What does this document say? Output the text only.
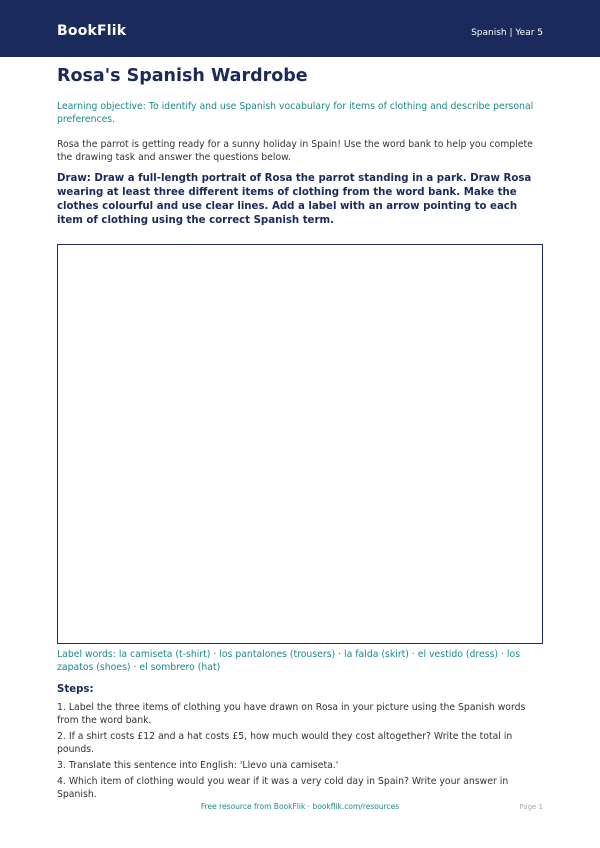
BookFlik	Spanish | Year 5
Rosa's Spanish Wardrobe

Learning objective: To identify and use Spanish vocabulary for items of clothing and describe personal preferences.

Rosa the parrot is getting ready for a sunny holiday in Spain! Use the word bank to help you complete the drawing task and answer the questions below.

Draw: Draw a full-length portrait of Rosa the parrot standing in a park. Draw Rosa wearing at least three different items of clothing from the word bank. Make the clothes colourful and use clear lines. Add a label with an arrow pointing to each item of clothing using the correct Spanish term.

Label words: la camiseta (t-shirt) · los pantalones (trousers) · la falda (skirt) · el vestido (dress) · los zapatos (shoes) · el sombrero (hat)

Steps:
1. Label the three items of clothing you have drawn on Rosa in your picture using the Spanish words from the word bank.
2. If a shirt costs £12 and a hat costs £5, how much would they cost altogether? Write the total in pounds.
3. Translate this sentence into English: 'Llevo una camiseta.'
4. Which item of clothing would you wear if it was a very cold day in Spain? Write your answer in Spanish.
Free resource from BookFlik · bookflik.com/resources	Page 1
